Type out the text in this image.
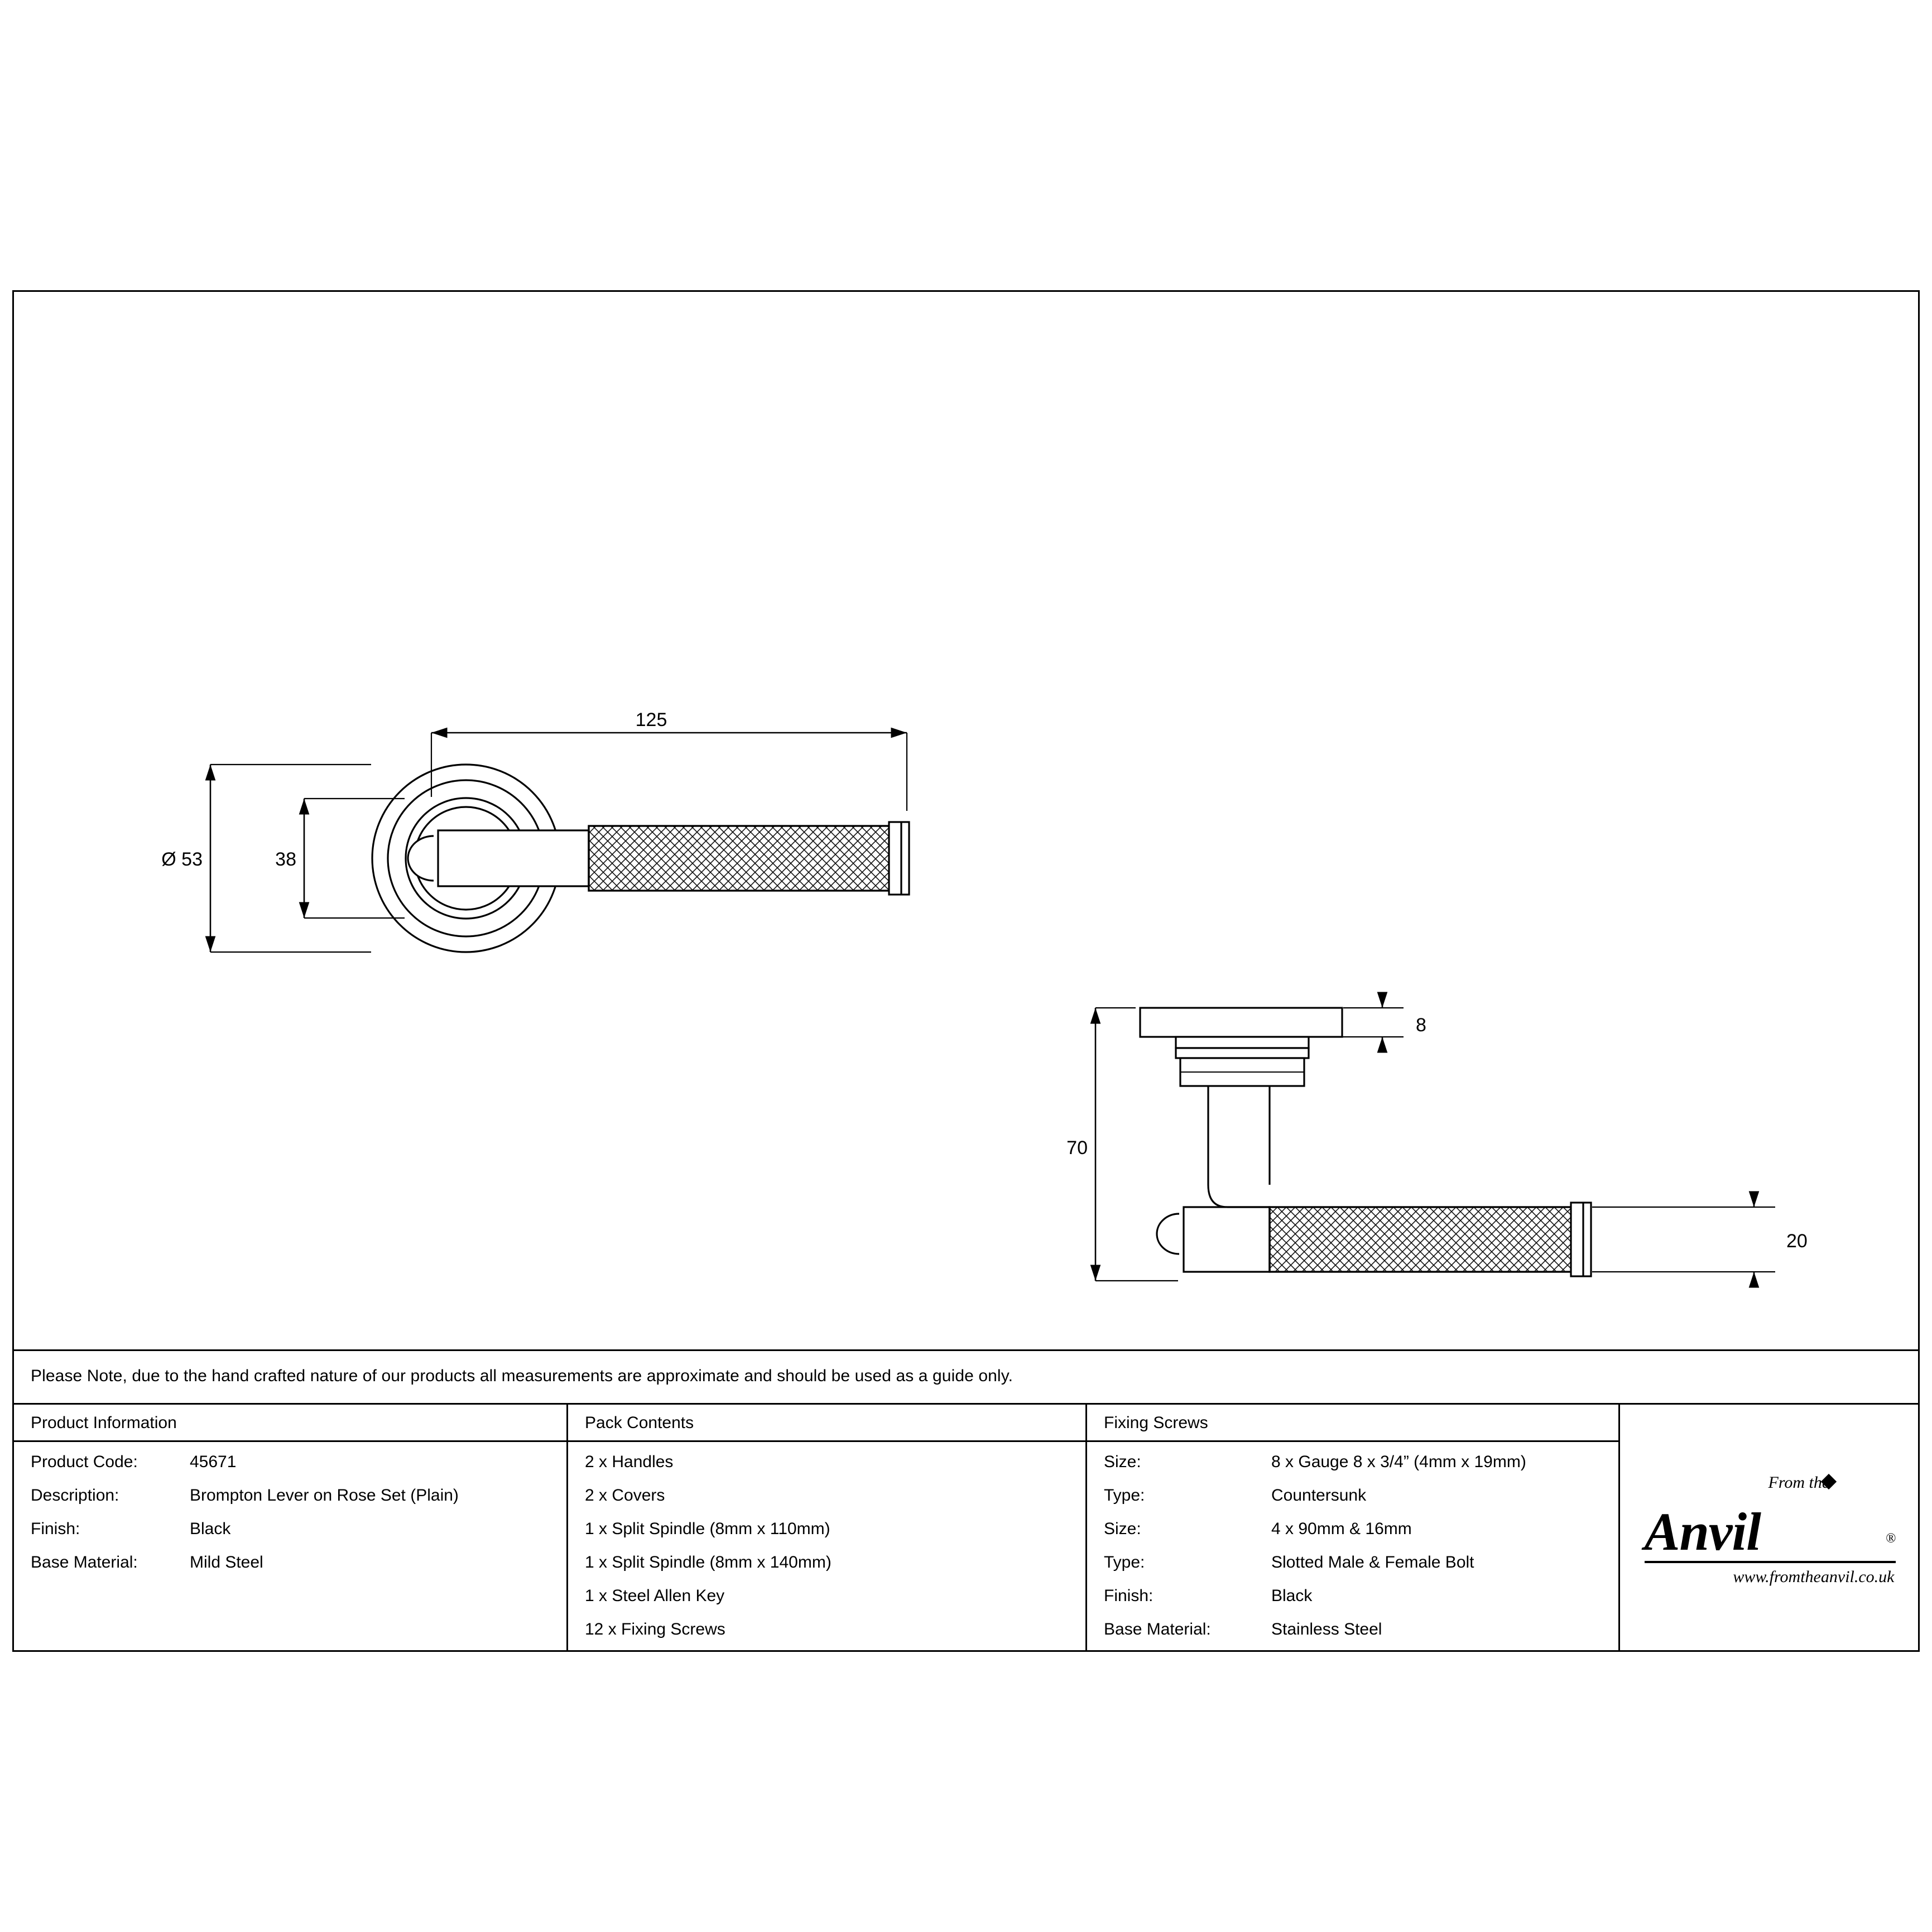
125
Ø 53	38
70
8
20
Please Note, due to the hand crafted nature of our products all measurements are approximate and should be used as a guide only.
Product Information
Product Code:	45671
Description:	Brompton Lever on Rose Set (Plain)
Finish:	Black
Base Material:	Mild Steel
Pack Contents
2 x Handles
2 x Covers
1 x Split Spindle (8mm x 110mm)
1 x Split Spindle (8mm x 140mm)
1 x Steel Allen Key
12 x Fixing Screws
Fixing Screws
Size:	8 x Gauge 8 x 3/4” (4mm x 19mm)
Type:	Countersunk
Size:	4 x 90mm & 16mm
Type:	Slotted Male & Female Bolt
Finish:	Black
Base Material:	Stainless Steel
From the
Anvil	®
www.fromtheanvil.co.uk
